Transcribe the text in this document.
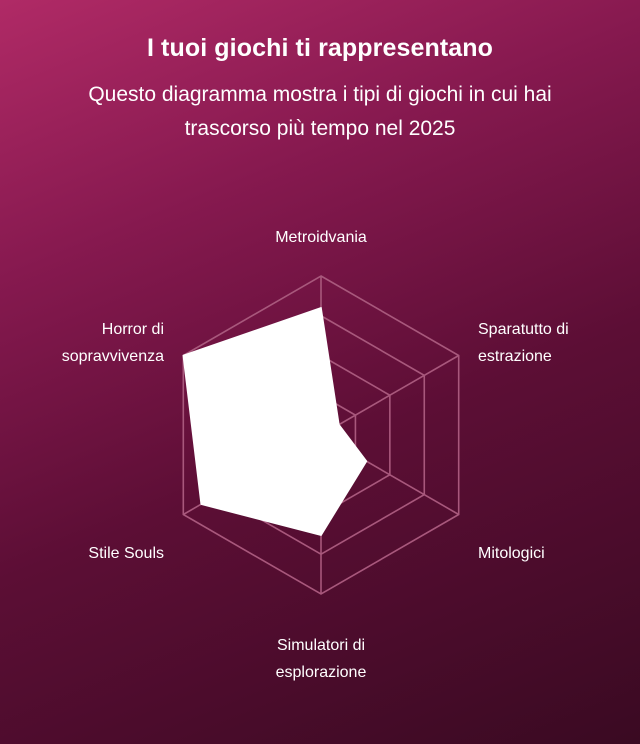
I tuoi giochi ti rappresentano

Questo diagramma mostra i tipi di giochi in cui hai trascorso più tempo nel 2025

Metroidvania
Sparatutto di
estrazione
Mitologici
Simulatori di
esplorazione
Stile Souls
Horror di
sopravvivenza
